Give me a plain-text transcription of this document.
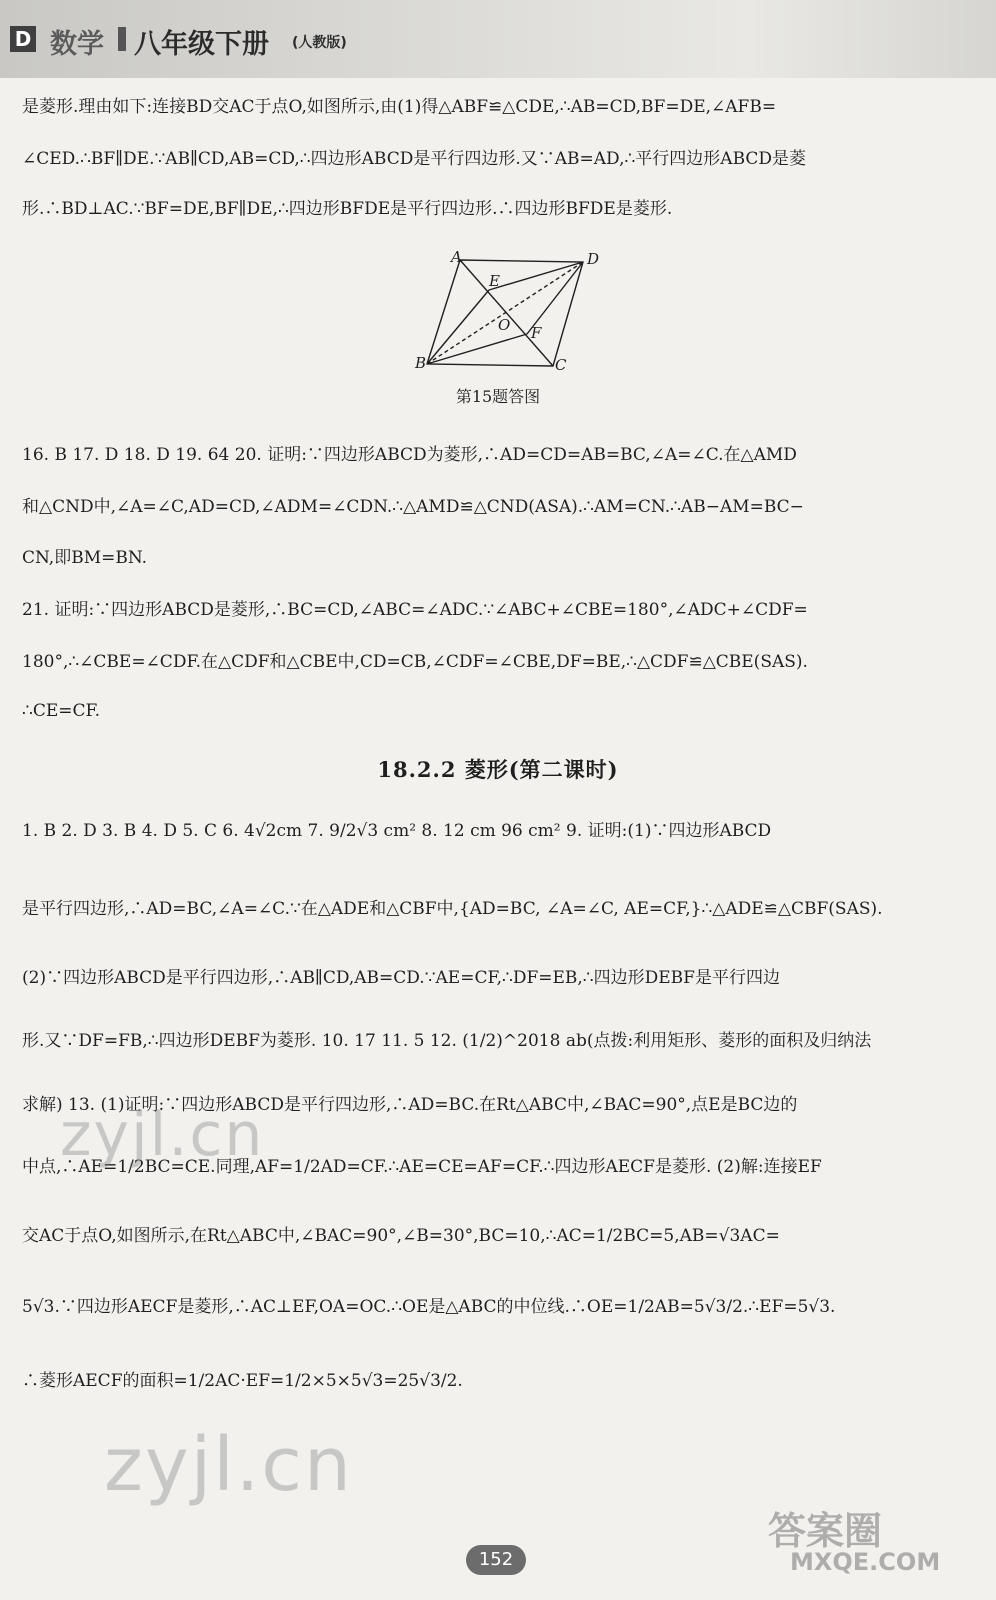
D 数学 八年级下册 (人教版)
是菱形.理由如下:连接BD交AC于点O,如图所示,由(1)得△ABF≌△CDE,∴AB=CD,BF=DE,∠AFB=
∠CED.∴BF∥DE.∵AB∥CD,AB=CD,∴四边形ABCD是平行四边形.又∵AB=AD,∴平行四边形ABCD是菱
形.∴BD⊥AC.∵BF=DE,BF∥DE,∴四边形BFDE是平行四边形.∴四边形BFDE是菱形.
A	D
E
O F
B	C
第15题答图
16. B 17. D 18. D 19. 64 20. 证明:∵四边形ABCD为菱形,∴AD=CD=AB=BC,∠A=∠C.在△AMD
和△CND中,∠A=∠C,AD=CD,∠ADM=∠CDN.∴△AMD≌△CND(ASA).∴AM=CN.∴AB−AM=BC−
CN,即BM=BN.
21. 证明:∵四边形ABCD是菱形,∴BC=CD,∠ABC=∠ADC.∵∠ABC+∠CBE=180°,∠ADC+∠CDF=
180°,∴∠CBE=∠CDF.在△CDF和△CBE中,CD=CB,∠CDF=∠CBE,DF=BE,∴△CDF≌△CBE(SAS).
∴CE=CF.
18.2.2 菱形(第二课时)
1. B 2. D 3. B 4. D 5. C 6. 4√2cm 7. 9/2√3 cm² 8. 12 cm 96 cm² 9. 证明:(1)∵四边形ABCD
是平行四边形,∴AD=BC,∠A=∠C.∵在△ADE和△CBF中,{AD=BC, ∠A=∠C, AE=CF,}∴△ADE≌△CBF(SAS).
(2)∵四边形ABCD是平行四边形,∴AB∥CD,AB=CD.∵AE=CF,∴DF=EB,∴四边形DEBF是平行四边
形.又∵DF=FB,∴四边形DEBF为菱形. 10. 17 11. 5 12. (1/2)^2018 ab(点拨:利用矩形、菱形的面积及归纳法
求解) 13. (1)证明:∵四边形ABCD是平行四边形,∴AD=BC.在Rt△ABC中,∠BAC=90°,点E是BC边的
中点,∴AE=1/2BC=CE.同理,AF=1/2AD=CF.∴AE=CE=AF=CF.∴四边形AECF是菱形. (2)解:连接EF
交AC于点O,如图所示,在Rt△ABC中,∠BAC=90°,∠B=30°,BC=10,∴AC=1/2BC=5,AB=√3AC=
5√3.∵四边形AECF是菱形,∴AC⊥EF,OA=OC.∴OE是△ABC的中位线.∴OE=1/2AB=5√3/2.∴EF=5√3.
∴菱形AECF的面积=1/2AC·EF=1/2×5×5√3=25√3/2.
zyjl.cn
zyjl.cn
答案圈
MXQE.COM
152
